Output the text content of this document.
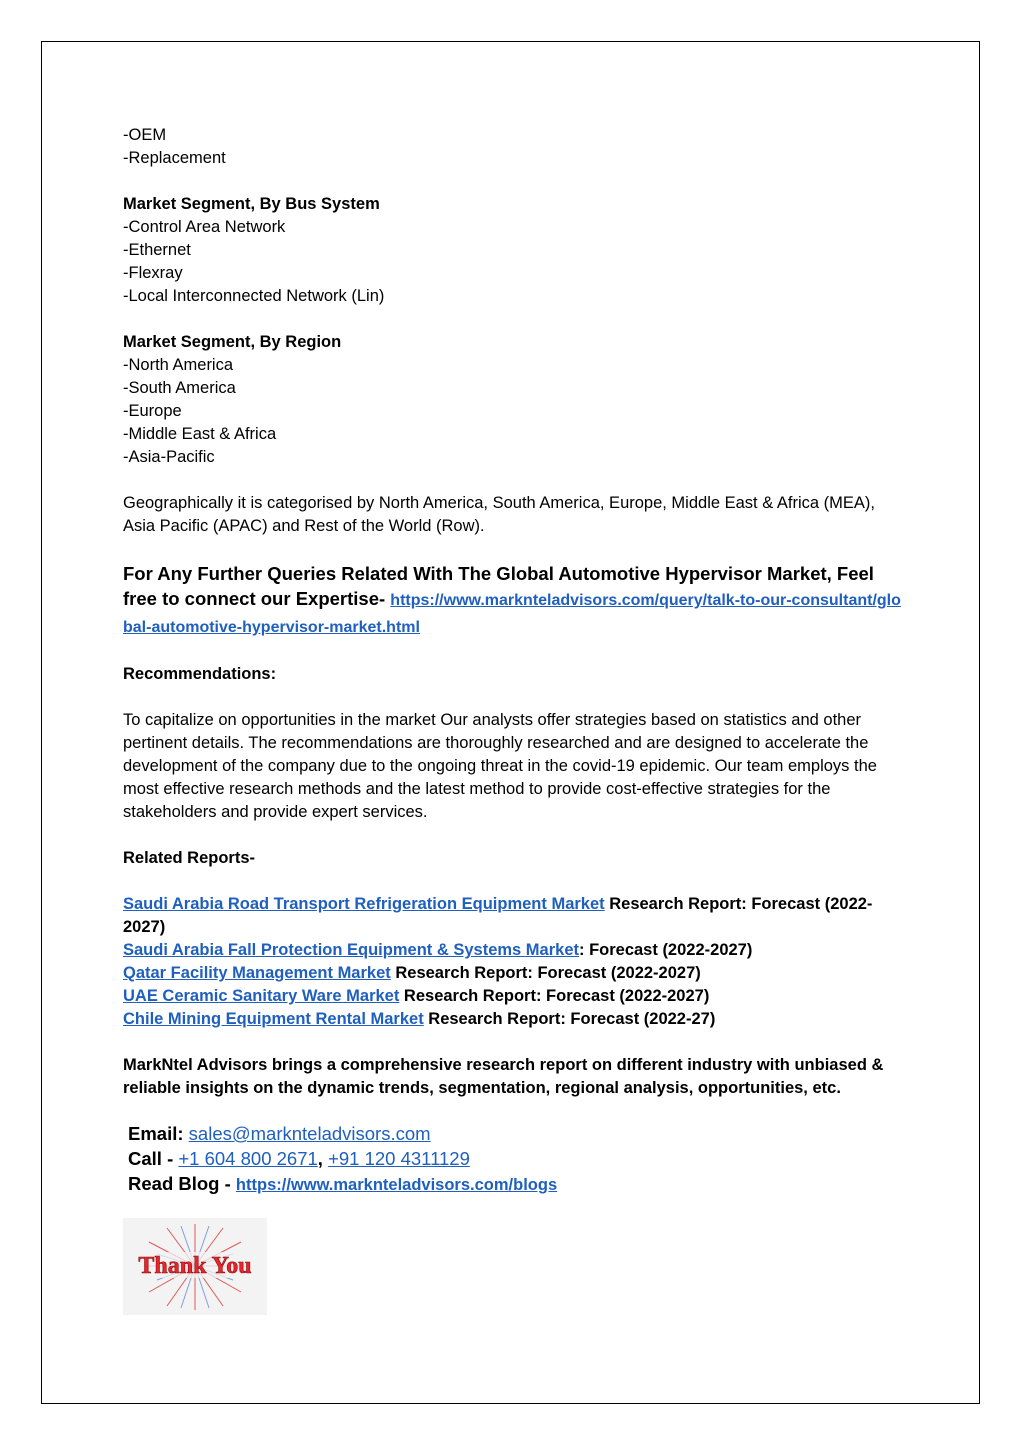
-OEM

-Replacement

Market Segment, By Bus System

-Control Area Network

-Ethernet

-Flexray

-Local Interconnected Network (Lin)

Market Segment, By Region

-North America

-South America

-Europe

-Middle East & Africa

-Asia-Pacific

Geographically it is categorised by North America, South America, Europe, Middle East & Africa (MEA), Asia Pacific (APAC) and Rest of the World (Row).

For Any Further Queries Related With The Global Automotive Hypervisor Market, Feel free to connect our Expertise- https://www.marknteladvisors.com/query/talk-to-our-consultant/global-automotive-hypervisor-market.html

Recommendations:

To capitalize on opportunities in the market Our analysts offer strategies based on statistics and other pertinent details. The recommendations are thoroughly researched and are designed to accelerate the development of the company due to the ongoing threat in the covid-19 epidemic. Our team employs the most effective research methods and the latest method to provide cost-effective strategies for the stakeholders and provide expert services.

Related Reports-

Saudi Arabia Road Transport Refrigeration Equipment Market Research Report: Forecast (2022-2027)

Saudi Arabia Fall Protection Equipment & Systems Market: Forecast (2022-2027)

Qatar Facility Management Market Research Report: Forecast (2022-2027)

UAE Ceramic Sanitary Ware Market Research Report: Forecast (2022-2027)

Chile Mining Equipment Rental Market Research Report: Forecast (2022-27)

MarkNtel Advisors brings a comprehensive research report on different industry with unbiased & reliable insights on the dynamic trends, segmentation, regional analysis, opportunities, etc.

Email: sales@marknteladvisors.com

Call - +1 604 800 2671, +91 120 4311129

Read Blog - https://www.marknteladvisors.com/blogs

Thank You
